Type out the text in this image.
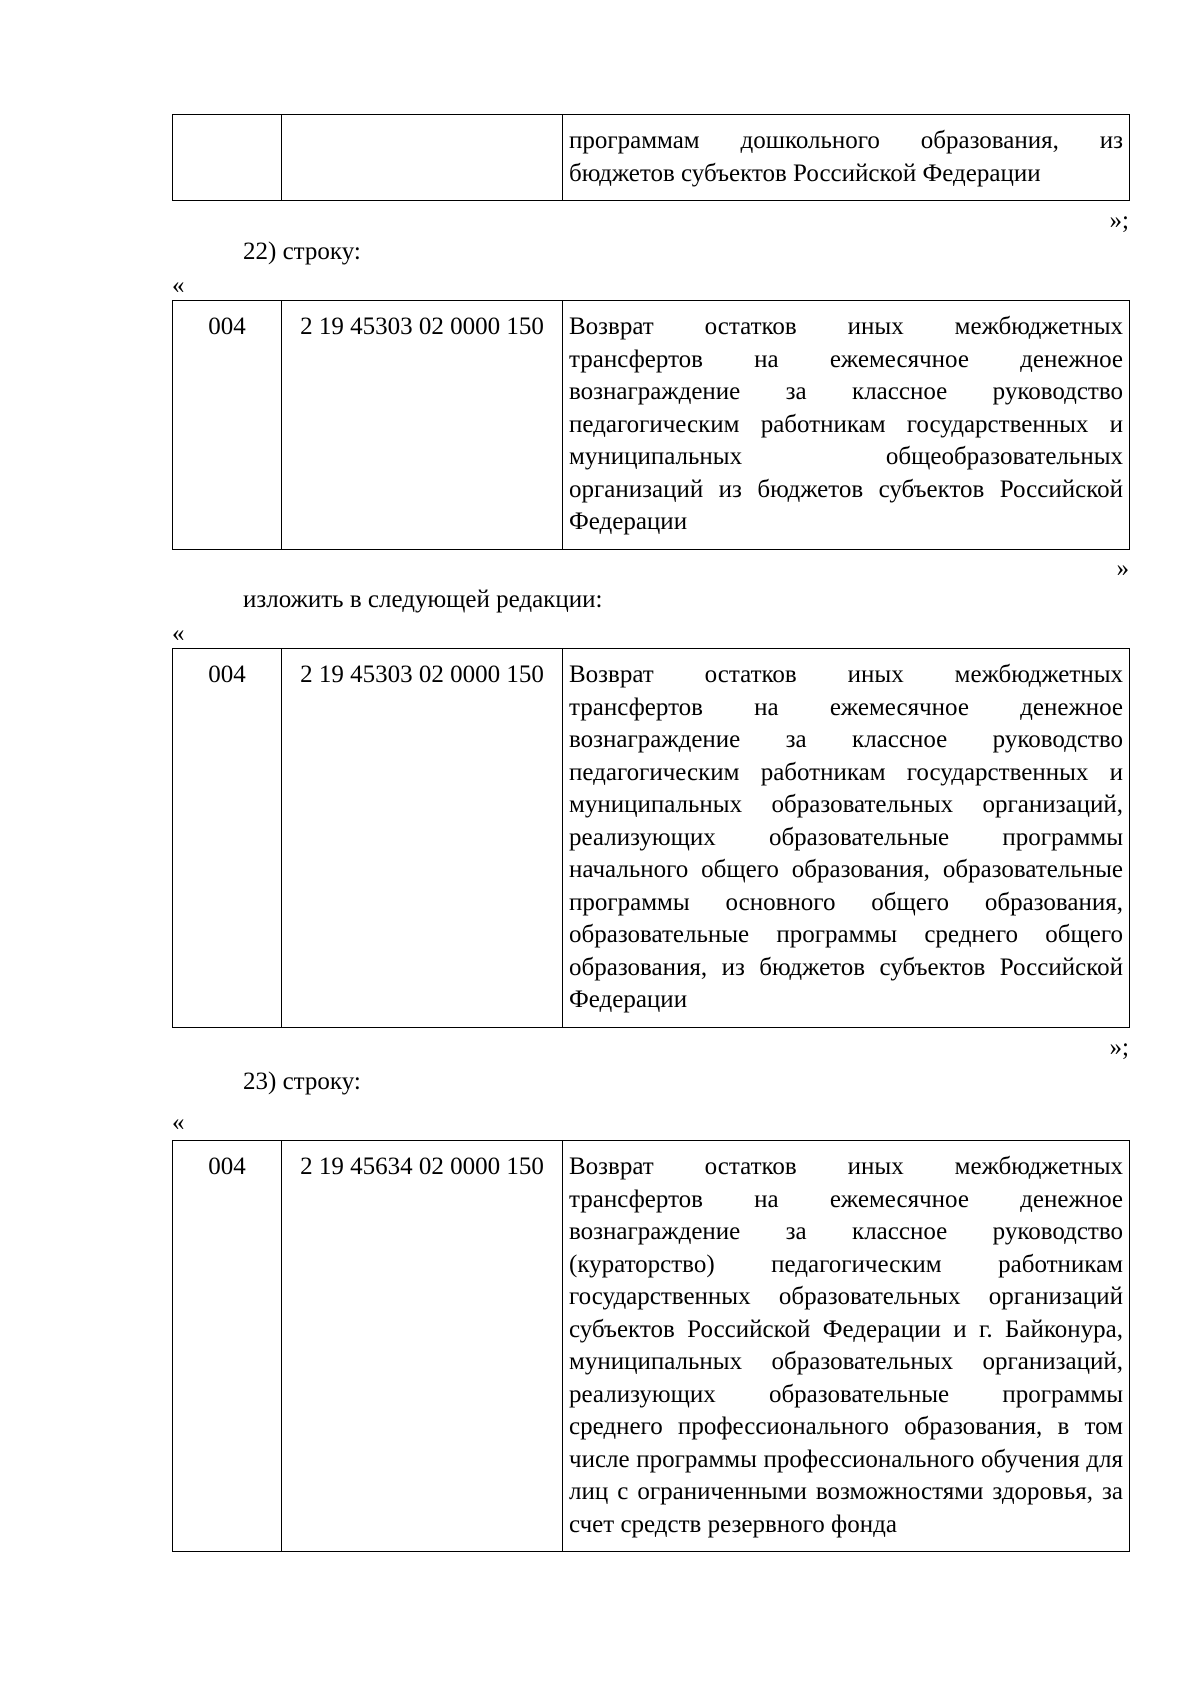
		программам дошкольного образования, из бюджетов субъектов Российской Федерации
»;
22) строку:
«
004	2 19 45303 02 0000 150	Возврат остатков иных межбюджетных трансфертов на ежемесячное денежное вознаграждение за классное руководство педагогическим работникам государственных и муниципальных общеобразовательных организаций из бюджетов субъектов Российской Федерации
»
изложить в следующей редакции:
«
004	2 19 45303 02 0000 150	Возврат остатков иных межбюджетных трансфертов на ежемесячное денежное вознаграждение за классное руководство педагогическим работникам государственных и муниципальных образовательных организаций, реализующих образовательные программы начального общего образования, образовательные программы основного общего образования, образовательные программы среднего общего образования, из бюджетов субъектов Российской Федерации
»;
23) строку:
«
004	2 19 45634 02 0000 150	Возврат остатков иных межбюджетных трансфертов на ежемесячное денежное вознаграждение за классное руководство (кураторство) педагогическим работникам государственных образовательных организаций субъектов Российской Федерации и г. Байконура, муниципальных образовательных организаций, реализующих образовательные программы среднего профессионального образования, в том числе программы профессионального обучения для лиц с ограниченными возможностями здоровья, за счет средств резервного фонда
